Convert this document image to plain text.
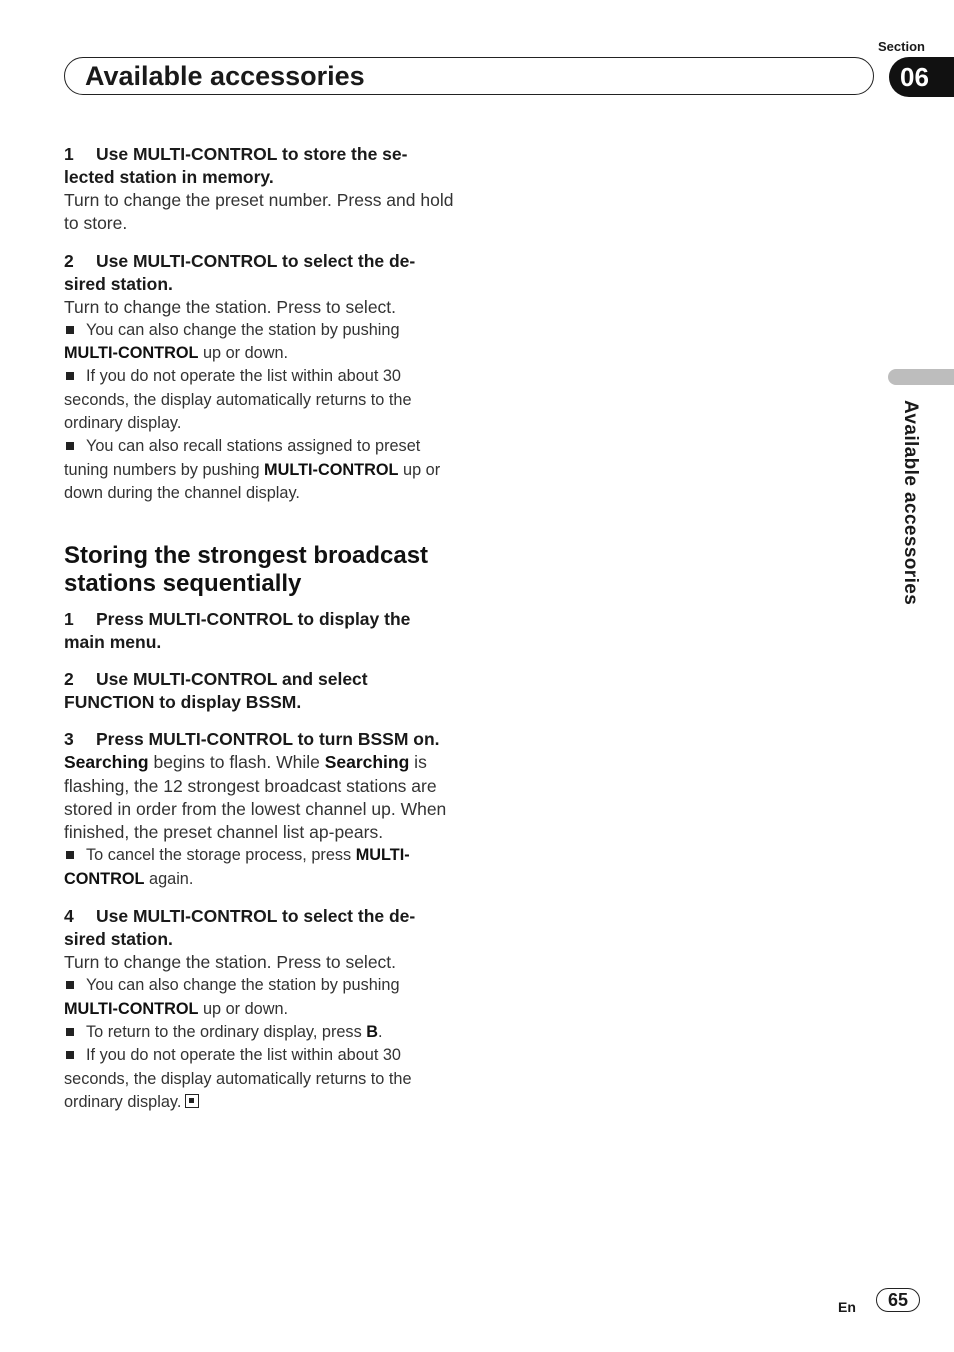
Section
Available accessories	06
Available accessories
1 Use MULTI-CONTROL to store the se-lected station in memory.
Turn to change the preset number. Press and hold to store.
2 Use MULTI-CONTROL to select the de-sired station.
Turn to change the station. Press to select.
You can also change the station by pushing MULTI-CONTROL up or down.
If you do not operate the list within about 30 seconds, the display automatically returns to the ordinary display.
You can also recall stations assigned to preset tuning numbers by pushing MULTI-CONTROL up or down during the channel display.
Storing the strongest broadcast stations sequentially
1 Press MULTI-CONTROL to display the main menu.
2 Use MULTI-CONTROL and select FUNCTION to display BSSM.
3 Press MULTI-CONTROL to turn BSSM on.
Searching begins to flash. While Searching is flashing, the 12 strongest broadcast stations are stored in order from the lowest channel up. When finished, the preset channel list ap-pears.
To cancel the storage process, press MULTI-CONTROL again.
4 Use MULTI-CONTROL to select the de-sired station.
Turn to change the station. Press to select.
You can also change the station by pushing MULTI-CONTROL up or down.
To return to the ordinary display, press B.
If you do not operate the list within about 30 seconds, the display automatically returns to the ordinary display.
En	65
